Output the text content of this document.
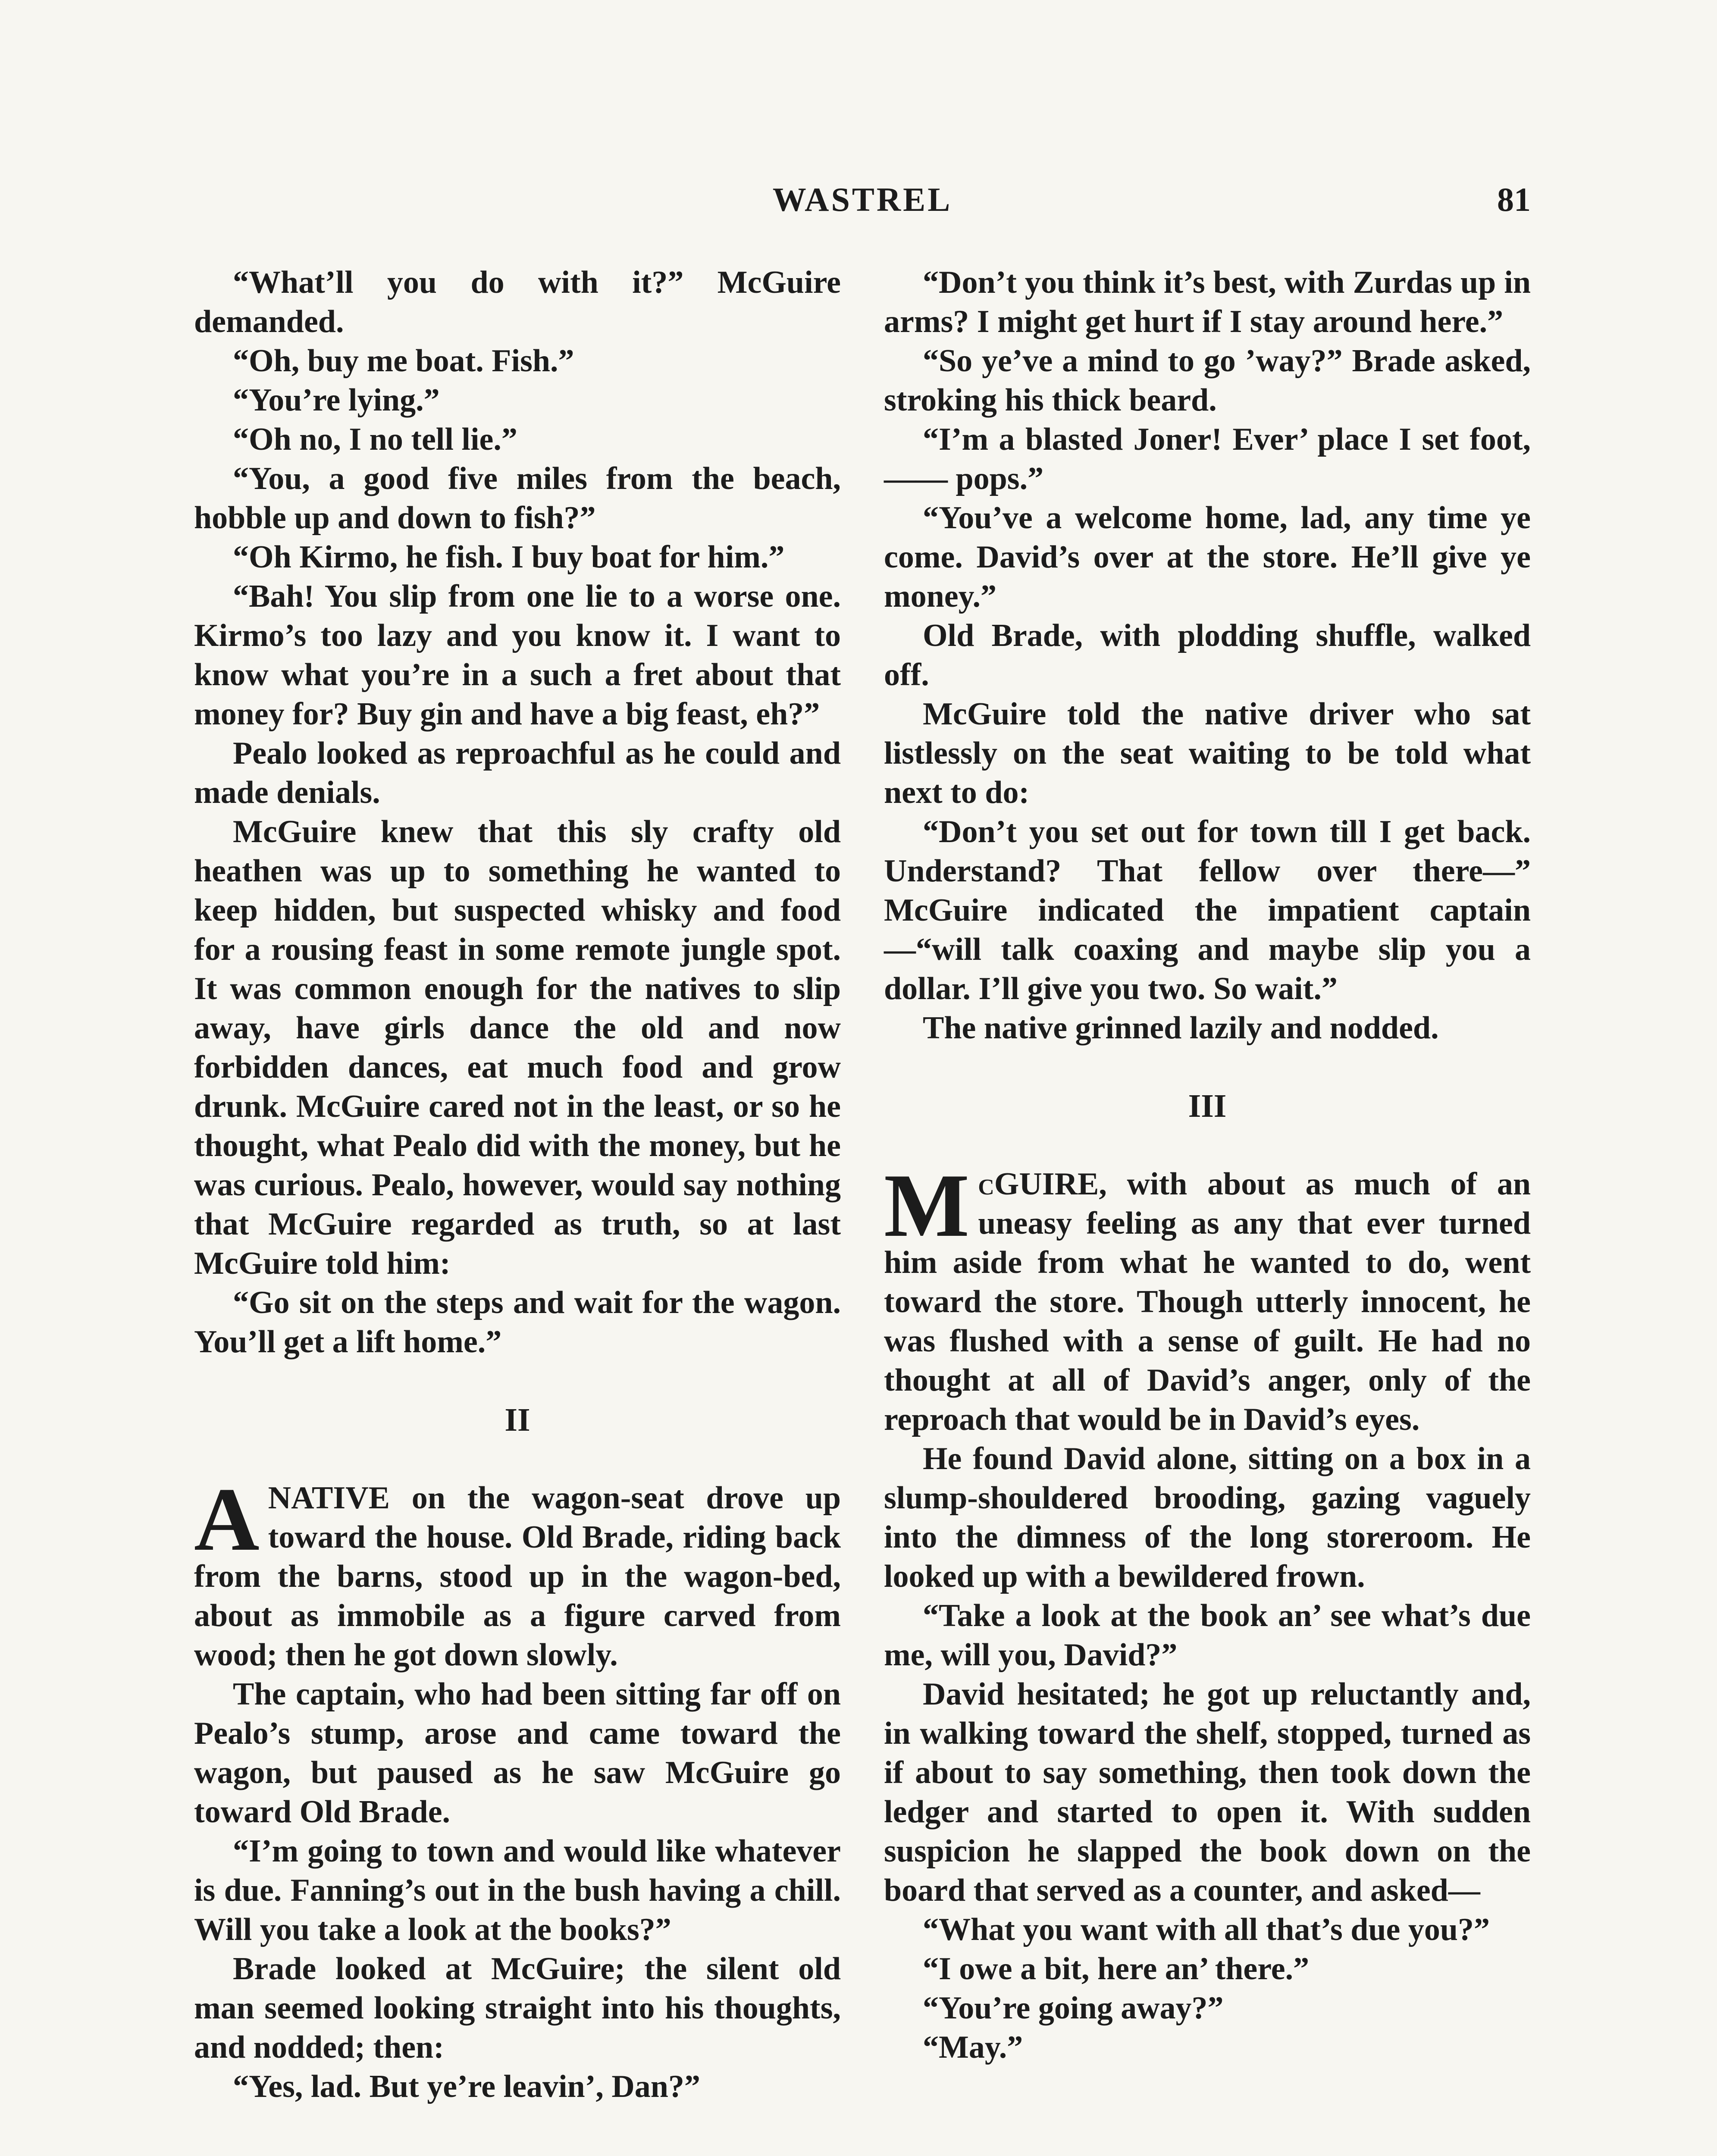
WASTREL	81

“What’ll you do with it?” McGuire demanded.

“Oh, buy me boat. Fish.”

“You’re lying.”

“Oh no, I no tell lie.”

“You, a good five miles from the beach, hobble up and down to fish?”

“Oh Kirmo, he fish. I buy boat for him.”

“Bah! You slip from one lie to a worse one. Kirmo’s too lazy and you know it. I want to know what you’re in a such a fret about that money for? Buy gin and have a big feast, eh?”

Pealo looked as reproachful as he could and made denials.

McGuire knew that this sly crafty old heathen was up to something he wanted to keep hidden, but suspected whisky and food for a rousing feast in some remote jungle spot. It was common enough for the natives to slip away, have girls dance the old and now forbidden dances, eat much food and grow drunk. McGuire cared not in the least, or so he thought, what Pealo did with the money, but he was curious. Pealo, however, would say nothing that McGuire regarded as truth, so at last McGuire told him:

“Go sit on the steps and wait for the wagon. You’ll get a lift home.”

II

ANATIVE on the wagon-seat drove up toward the house. Old Brade, riding back from the barns, stood up in the wagon-bed, about as immobile as a figure carved from wood; then he got down slowly.

The captain, who had been sitting far off on Pealo’s stump, arose and came toward the wagon, but paused as he saw McGuire go toward Old Brade.

“I’m going to town and would like whatever is due. Fanning’s out in the bush having a chill. Will you take a look at the books?”

Brade looked at McGuire; the silent old man seemed looking straight into his thoughts, and nodded; then:

“Yes, lad. But ye’re leavin’, Dan?”

“Don’t you think it’s best, with Zurdas up in arms? I might get hurt if I stay around here.”

“So ye’ve a mind to go ’way?” Brade asked, stroking his thick beard.

“I’m a blasted Joner! Ever’ place I set foot, —— pops.”

“You’ve a welcome home, lad, any time ye come. David’s over at the store. He’ll give ye money.”

Old Brade, with plodding shuffle, walked off.

McGuire told the native driver who sat listlessly on the seat waiting to be told what next to do:

“Don’t you set out for town till I get back. Understand? That fellow over there—” McGuire indicated the impatient captain—“will talk coaxing and maybe slip you a dollar. I’ll give you two. So wait.”

The native grinned lazily and nodded.

III

McGUIRE, with about as much of an uneasy feeling as any that ever turned him aside from what he wanted to do, went toward the store. Though utterly innocent, he was flushed with a sense of guilt. He had no thought at all of David’s anger, only of the reproach that would be in David’s eyes.

He found David alone, sitting on a box in a slump-shouldered brooding, gazing vaguely into the dimness of the long storeroom. He looked up with a bewildered frown.

“Take a look at the book an’ see what’s due me, will you, David?”

David hesitated; he got up reluctantly and, in walking toward the shelf, stopped, turned as if about to say something, then took down the ledger and started to open it. With sudden suspicion he slapped the book down on the board that served as a counter, and asked—

“What you want with all that’s due you?”

“I owe a bit, here an’ there.”

“You’re going away?”

“May.”
